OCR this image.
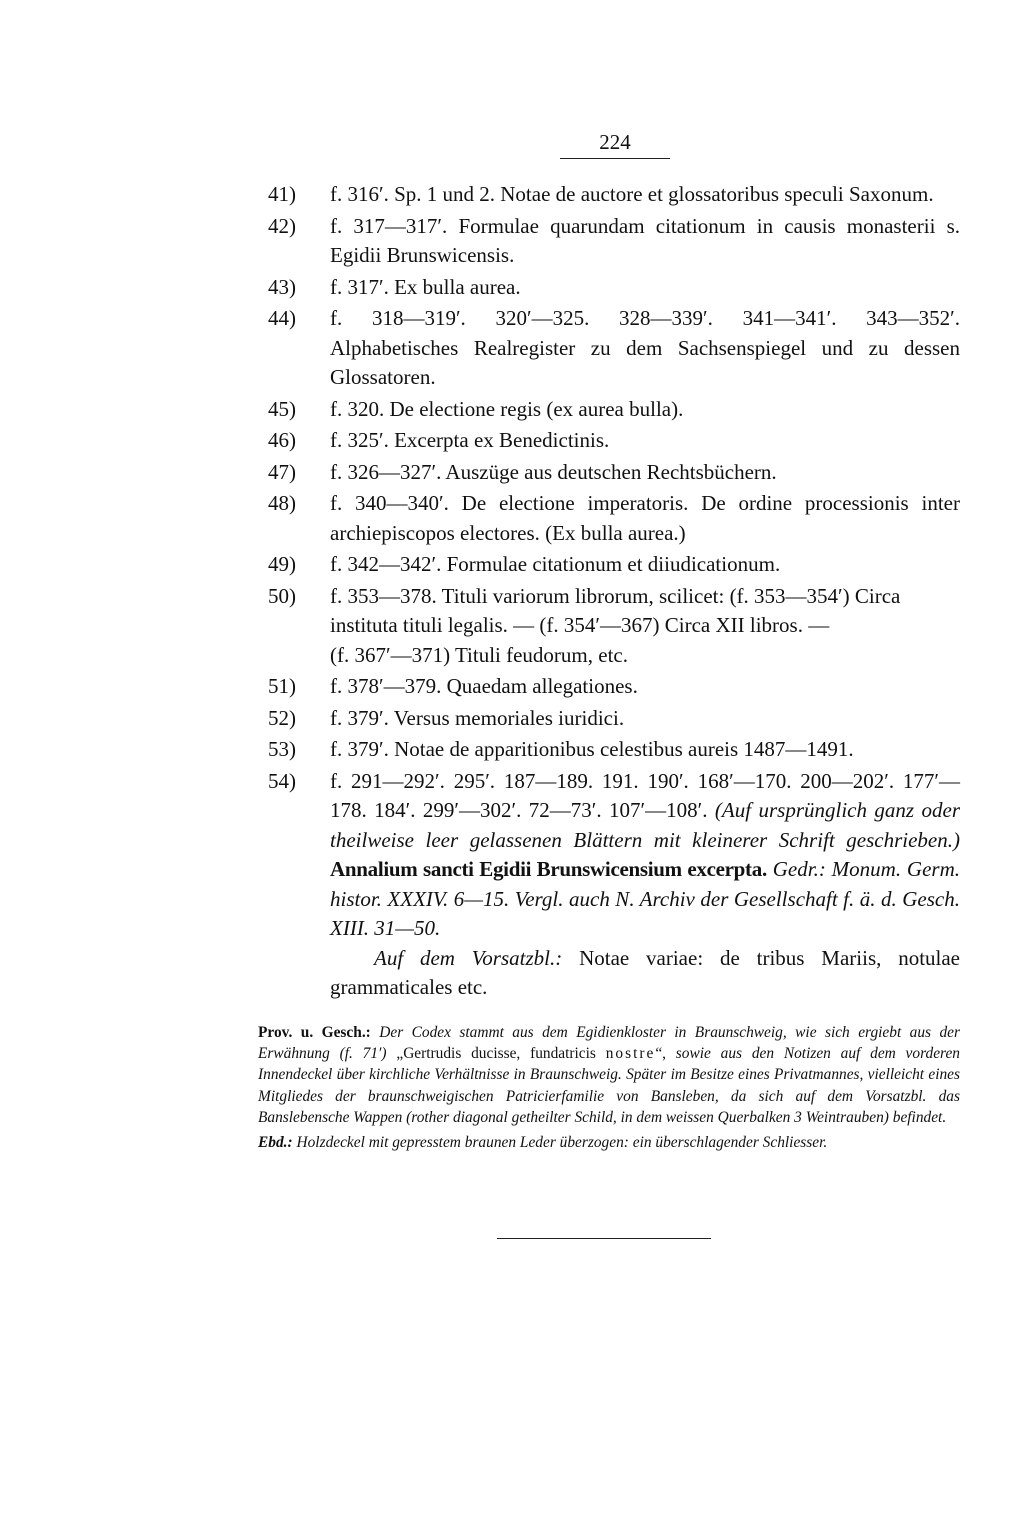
224
41)	f. 316′. Sp. 1 und 2. Notae de auctore et glossatoribus speculi Saxonum.
42)	f. 317—317′. Formulae quarundam citationum in causis monasterii s. Egidii Brunswicensis.
43)	f. 317′. Ex bulla aurea.
44)	f. 318—319′. 320′—325. 328—339′. 341—341′. 343—352′. Alphabetisches Realregister zu dem Sachsenspiegel und zu dessen Glossatoren.
45)	f. 320. De electione regis (ex aurea bulla).
46)	f. 325′. Excerpta ex Benedictinis.
47)	f. 326—327′. Auszüge aus deutschen Rechtsbüchern.
48)	f. 340—340′. De electione imperatoris. De ordine processionis inter archiepiscopos electores. (Ex bulla aurea.)
49)	f. 342—342′. Formulae citationum et diiudicationum.
50)	f. 353—378. Tituli variorum librorum, scilicet: (f. 353—354′) Circa
instituta tituli legalis. — (f. 354′—367) Circa XII libros. —
(f. 367′—371) Tituli feudorum, etc.
51)	f. 378′—379. Quaedam allegationes.
52)	f. 379′. Versus memoriales iuridici.
53)	f. 379′. Notae de apparitionibus celestibus aureis 1487—1491.
54)	f. 291—292′. 295′. 187—189. 191. 190′. 168′—170. 200—202′. 177′—178. 184′. 299′—302′. 72—73′. 107′—108′. (Auf ursprünglich ganz oder theilweise leer gelassenen Blättern mit kleinerer Schrift geschrieben.) Annalium sancti Egidii Brunswicensium excerpta. Gedr.: Monum. Germ. histor. XXXIV. 6—15. Vergl. auch N. Archiv der Gesellschaft f. ä. d. Gesch. XIII. 31—50.
Auf dem Vorsatzbl.: Notae variae: de tribus Mariis, notulae grammaticales etc.
Prov. u. Gesch.: Der Codex stammt aus dem Egidienkloster in Braunschweig, wie sich ergiebt aus der Erwähnung (f. 71′) „Gertrudis ducisse, fundatricis nostre“, sowie aus den Notizen auf dem vorderen Innendeckel über kirchliche Verhältnisse in Braunschweig. Später im Besitze eines Privatmannes, vielleicht eines Mitgliedes der braunschweigischen Patricierfamilie von Bansleben, da sich auf dem Vorsatzbl. das Banslebensche Wappen (rother diagonal getheilter Schild, in dem weissen Querbalken 3 Weintrauben) befindet.
Ebd.: Holzdeckel mit gepresstem braunen Leder überzogen: ein überschlagender Schliesser.
